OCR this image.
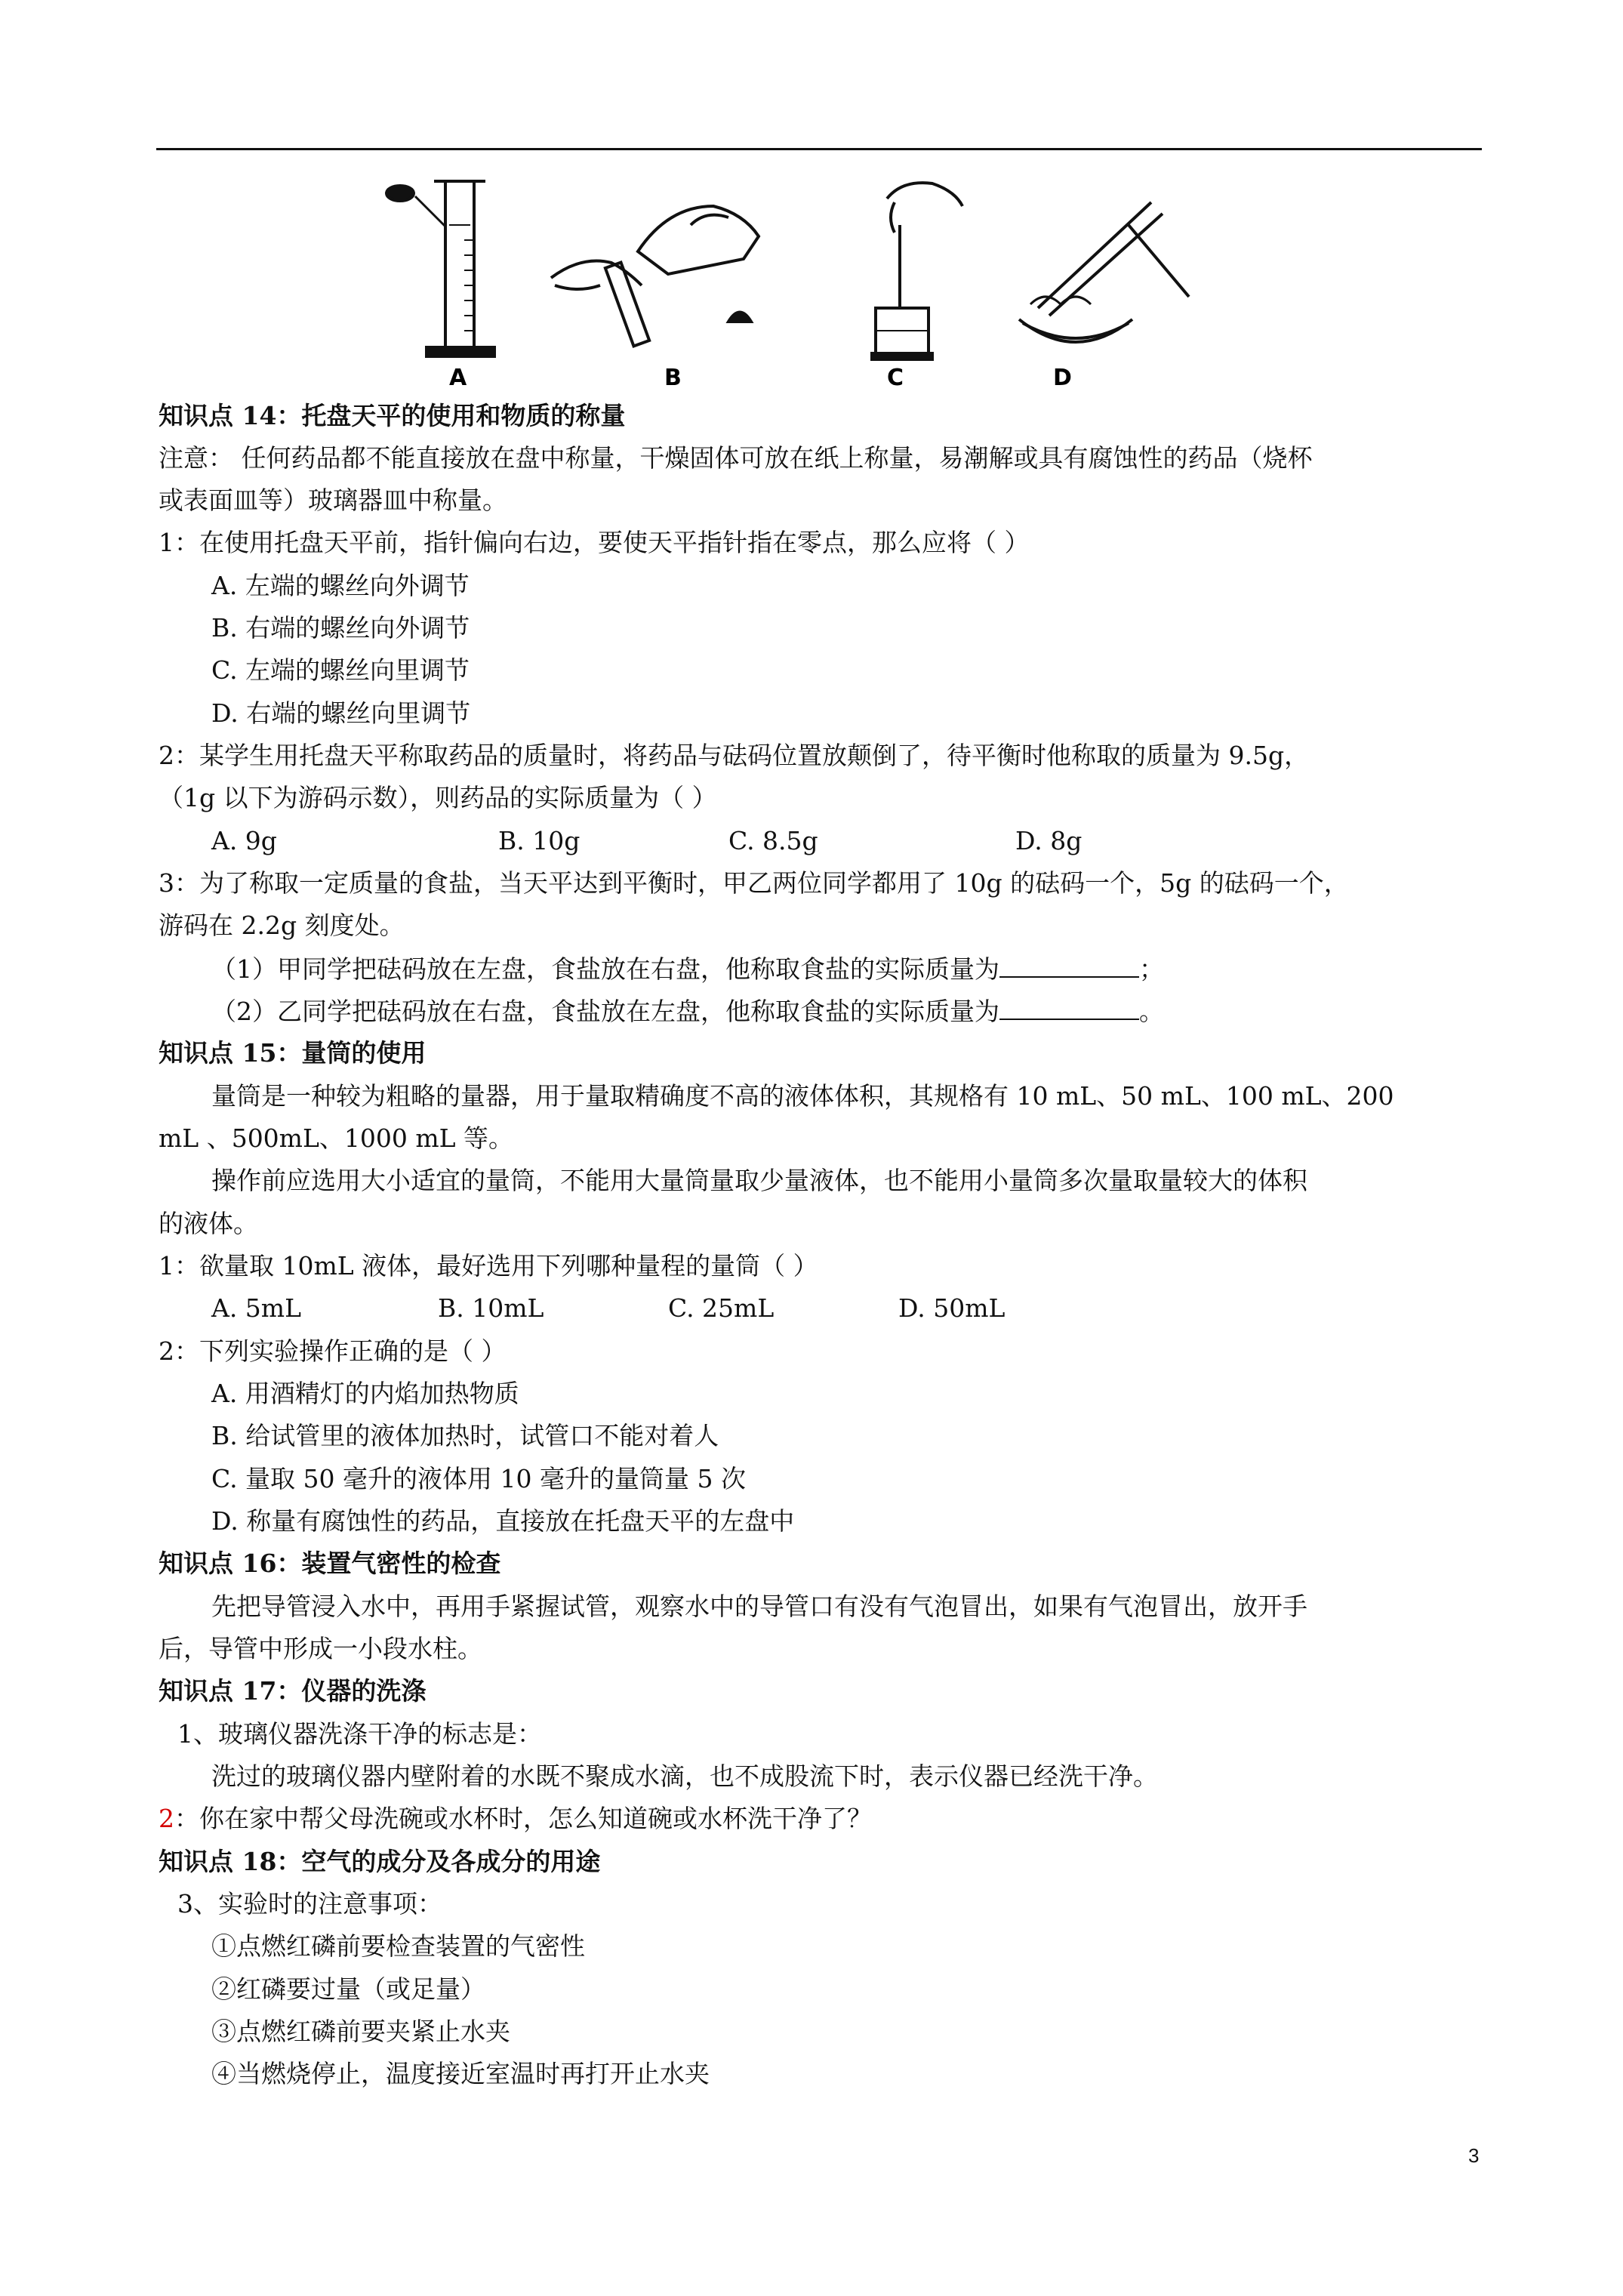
A	B	C	D
知识点 14：托盘天平的使用和物质的称量
注意： 任何药品都不能直接放在盘中称量，干燥固体可放在纸上称量，易潮解或具有腐蚀性的药品（烧杯
或表面皿等）玻璃器皿中称量。
1：在使用托盘天平前，指针偏向右边，要使天平指针指在零点，那么应将（ ）
A. 左端的螺丝向外调节
B. 右端的螺丝向外调节
C. 左端的螺丝向里调节
D. 右端的螺丝向里调节
2：某学生用托盘天平称取药品的质量时，将药品与砝码位置放颠倒了，待平衡时他称取的质量为 9.5g，
（1g 以下为游码示数），则药品的实际质量为（ ）
A. 9g	B. 10g	C. 8.5g	D. 8g
3：为了称取一定质量的食盐，当天平达到平衡时，甲乙两位同学都用了 10g 的砝码一个，5g 的砝码一个，
游码在 2.2g 刻度处。
（1）甲同学把砝码放在左盘，食盐放在右盘，他称取食盐的实际质量为	；
（2）乙同学把砝码放在右盘，食盐放在左盘，他称取食盐的实际质量为	。
知识点 15：量筒的使用
量筒是一种较为粗略的量器，用于量取精确度不高的液体体积，其规格有 10 mL、50 mL、100 mL、200
mL 、500mL、1000 mL 等。
操作前应选用大小适宜的量筒，不能用大量筒量取少量液体，也不能用小量筒多次量取量较大的体积
的液体。
1：欲量取 10mL 液体，最好选用下列哪种量程的量筒（ ）
A. 5mL	B. 10mL	C. 25mL	D. 50mL
2：下列实验操作正确的是（ ）
A. 用酒精灯的内焰加热物质
B. 给试管里的液体加热时，试管口不能对着人
C. 量取 50 毫升的液体用 10 毫升的量筒量 5 次
D. 称量有腐蚀性的药品，直接放在托盘天平的左盘中
知识点 16：装置气密性的检查
先把导管浸入水中，再用手紧握试管，观察水中的导管口有没有气泡冒出，如果有气泡冒出，放开手
后，导管中形成一小段水柱。
知识点 17：仪器的洗涤
1、玻璃仪器洗涤干净的标志是：
洗过的玻璃仪器内壁附着的水既不聚成水滴，也不成股流下时，表示仪器已经洗干净。
2：你在家中帮父母洗碗或水杯时，怎么知道碗或水杯洗干净了？
知识点 18：空气的成分及各成分的用途
3、实验时的注意事项：
①点燃红磷前要检查装置的气密性
②红磷要过量（或足量）
③点燃红磷前要夹紧止水夹
④当燃烧停止，温度接近室温时再打开止水夹
3
